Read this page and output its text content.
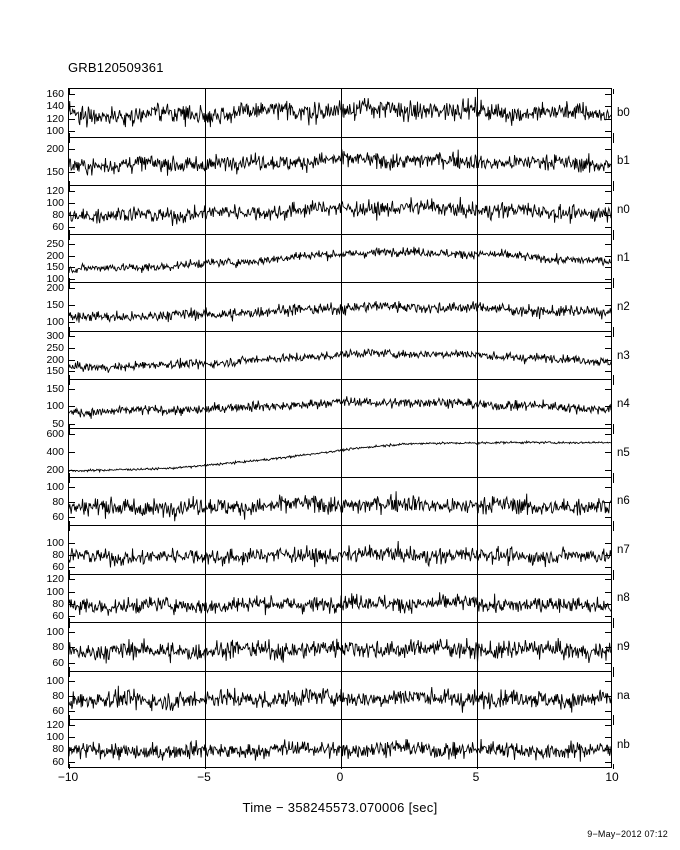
GRB120509361
100
120
140
160
b0
150
200
b1
60
80
100
120
n0
100
150
200
250
n1
100
150
200
n2
150
200
250
300
n3
50
100
150
n4
200
400
600
n5
60
80
100
n6
60
80
100
n7
60
80
100
120
n8
60
80
100
n9
60
80
100
na
60
80
100
120
nb
−10	−5	0	5	10
Time − 358245573.070006 [sec]
9−May−2012 07:12
